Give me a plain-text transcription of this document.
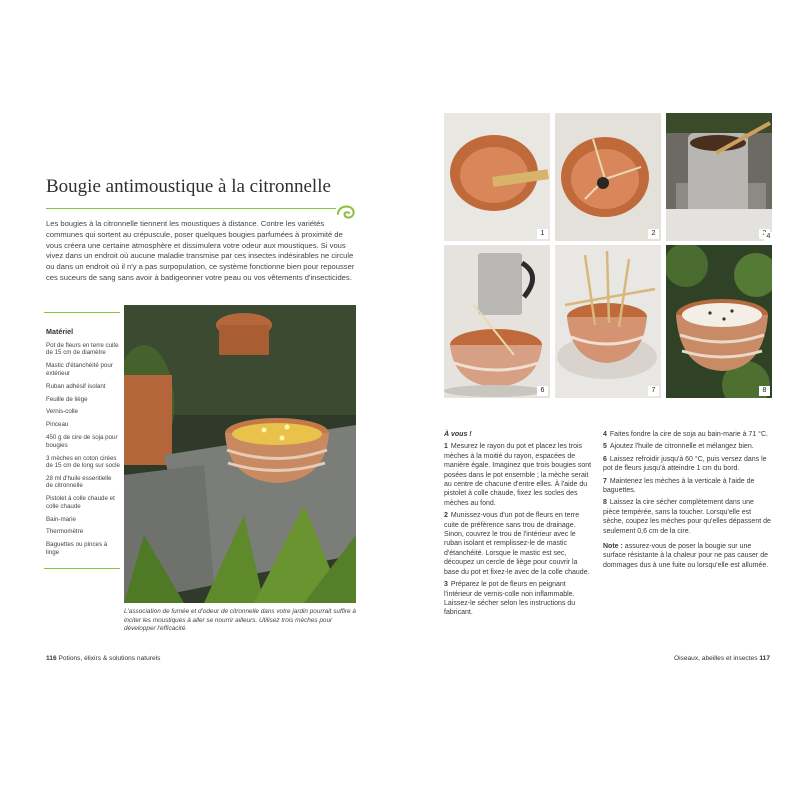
Bougie antimoustique à la citronnelle
Les bougies à la citronnelle tiennent les moustiques à distance. Contre les variétés communes qui sortent au crépuscule, poser quelques bougies parfumées à proximité de vous créera une certaine atmosphère et dissimulera votre odeur aux moustiques. Si vous vivez dans un endroit où aucune maladie transmise par ces insectes indésirables ne circule ou dans un endroit où il n'y a pas surpopulation, ce système fonctionne bien pour repousser ces suceurs de sang sans avoir à badigeonner votre peau ou vos vêtements d'insecticides.
Matériel
Pot de fleurs en terre cuite de 15 cm de diamètre
Mastic d'étanchéité pour extérieur
Ruban adhésif isolant
Feuille de liège
Vernis-colle
Pinceau
450 g de cire de soja pour bougies
3 mèches en coton cirées de 15 cm de long sur socle
28 ml d'huile essentielle de citronnelle
Pistolet à colle chaude et colle chaude
Bain-marie
Thermomètre
Baguettes ou pinces à linge
L'association de fumée et d'odeur de citronnelle dans votre jardin pourrait suffire à inciter les moustiques à aller se nourrir ailleurs. Utilisez trois mèches pour développer l'efficacité.
116 Potions, élixirs & solutions naturels
1	2
6	7	8
4

À vous !

1 Mesurez le rayon du pot et placez les trois mèches à la moitié du rayon, espacées de manière égale. Imaginez que trois bougies sont posées dans le pot ensemble ; la mèche serait au centre de chacune d'entre elles. À l'aide du pistolet à colle chaude, fixez les socles des mèches au fond.

2 Munissez-vous d'un pot de fleurs en terre cuite de préférence sans trou de drainage. Sinon, couvrez le trou de l'intérieur avec le ruban isolant et remplissez-le de mastic d'étanchéité. Lorsque le mastic est sec, découpez un cercle de liège pour couvrir la base du pot et fixez-le avec de la colle chaude.

3 Préparez le pot de fleurs en peignant l'intérieur de vernis-colle non inflammable. Laissez-le sécher selon les instructions du fabricant.

4 Faites fondre la cire de soja au bain-marie à 71 °C.

5 Ajoutez l'huile de citronnelle et mélangez bien.

6 Laissez refroidir jusqu'à 60 °C, puis versez dans le pot de fleurs jusqu'à atteindre 1 cm du bord.

7 Maintenez les mèches à la verticale à l'aide de baguettes.

8 Laissez la cire sécher complètement dans une pièce tempérée, sans la toucher. Lorsqu'elle est sèche, coupez les mèches pour qu'elles dépassent de seulement 0,6 cm de la cire.

Note : assurez-vous de poser la bougie sur une surface résistante à la chaleur pour ne pas causer de dommages dus à une fuite ou lorsqu'elle est allumée.

Oiseaux, abeilles et insectes 117
